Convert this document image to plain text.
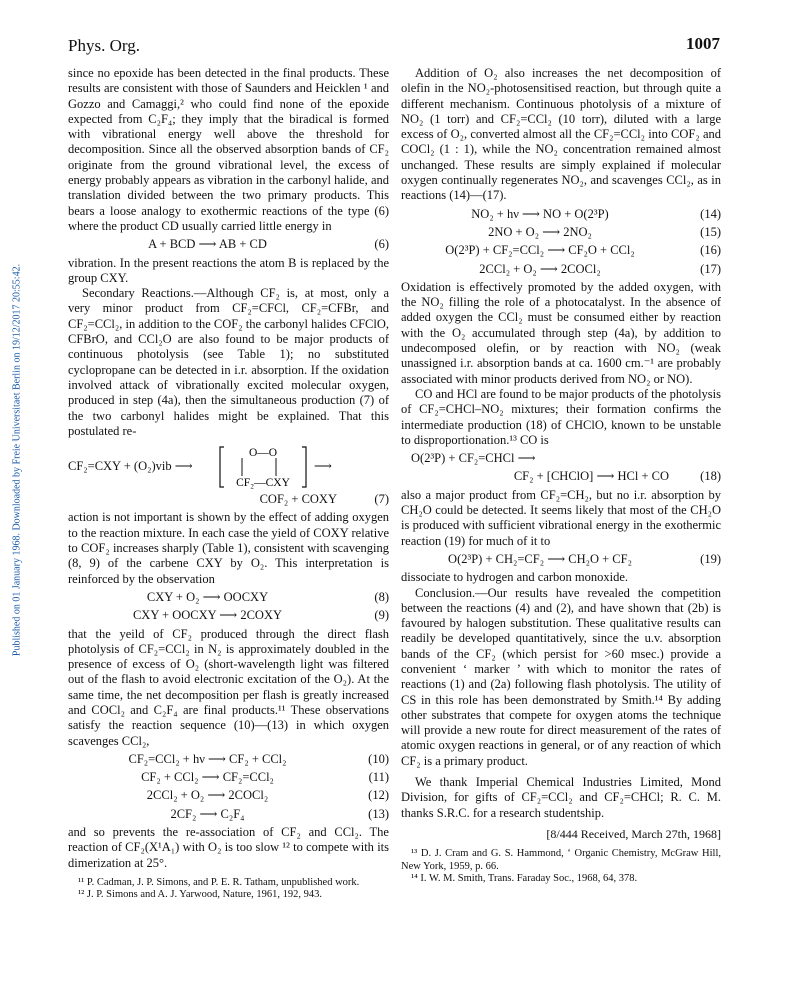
Phys. Org.	1007
Published on 01 January 1968. Downloaded by Freie Universitaet Berlin on 19/12/2017 20:55:42.

since no epoxide has been detected in the final products. These results are consistent with those of Saunders and Heicklen ¹ and Gozzo and Camaggi,² who could find none of the epoxide expected from C₂F₄; they imply that the biradical is formed with vibrational energy well above the threshold for decomposition. Since all the observed absorption bands of CF₂ originate from the ground vibrational level, the excess of energy probably appears as vibration in the carbonyl halide, and translation divided between the two primary products. This bears a loose analogy to exothermic reactions of the type (6) where the product CD usually carried little energy in

A + BCD ⟶ AB + CD	(6)

vibration. In the present reactions the atom B is replaced by the group CXY.

Secondary Reactions.—Although CF₂ is, at most, only a very minor product from CF₂=CFCl, CF₂=CFBr, and CF₂=CCl₂, in addition to the COF₂ the carbonyl halides CFClO, CFBrO, and CCl₂O are also found to be major products of continuous photolysis (see Table 1); no substituted cyclopropane can be detected in i.r. absorption. If the oxidation involved attack of vibrationally excited molecular oxygen, produced in step (4a), then the simultaneous production (7) of the two carbonyl halides might be explained. That this postulated re-

CF₂=CXY + (O₂)vib ⟶
O—O
CF₂—CXY
⟶
COF₂ + COXY	(7)

action is not important is shown by the effect of adding oxygen to the reaction mixture. In each case the yield of COXY relative to COF₂ increases sharply (Table 1), consistent with scavenging (8, 9) of the carbene CXY by O₂. This interpretation is reinforced by the observation

CXY + O₂ ⟶ OOCXY	(8)
CXY + OOCXY ⟶ 2COXY	(9)

that the yeild of CF₂ produced through the direct flash photolysis of CF₂=CCl₂ in N₂ is approximately doubled in the presence of excess of O₂ (short-wavelength light was filtered out of the flash to avoid electronic excitation of the O₂). At the same time, the net decomposition per flash is greatly increased and COCl₂ and C₂F₄ are final products.¹¹ These observations satisfy the reaction sequence (10)—(13) in which oxygen scavenges CCl₂,

CF₂=CCl₂ + hν ⟶ CF₂ + CCl₂	(10)
CF₂ + CCl₂ ⟶ CF₂=CCl₂	(11)
2CCl₂ + O₂ ⟶ 2COCl₂	(12)
2CF₂ ⟶ C₂F₄	(13)

and so prevents the re-association of CF₂ and CCl₂. The reaction of CF₂(X¹A₁) with O₂ is too slow ¹² to compete with its dimerization at 25°.

¹¹ P. Cadman, J. P. Simons, and P. E. R. Tatham, unpublished work.
¹² J. P. Simons and A. J. Yarwood, Nature, 1961, 192, 943.

Addition of O₂ also increases the net decomposition of olefin in the NO₂-photosensitised reaction, but through quite a different mechanism. Continuous photolysis of a mixture of NO₂ (1 torr) and CF₂=CCl₂ (10 torr), diluted with a large excess of O₂, converted almost all the CF₂=CCl₂ into COF₂ and COCl₂ (1 : 1), while the NO₂ concentration remained almost unchanged. These results are simply explained if molecular oxygen continually regenerates NO₂, and scavenges CCl₂, as in reactions (14)—(17).

NO₂ + hν ⟶ NO + O(2³P)	(14)
2NO + O₂ ⟶ 2NO₂	(15)
O(2³P) + CF₂=CCl₂ ⟶ CF₂O + CCl₂	(16)
2CCl₂ + O₂ ⟶ 2COCl₂	(17)

Oxidation is effectively promoted by the added oxygen, with the NO₂ filling the role of a photocatalyst. In the absence of added oxygen the CCl₂ must be consumed either by reaction with the O₂ accumulated through step (4a), by addition to undecomposed olefin, or by reaction with NO₂ (weak unassigned i.r. absorption bands at ca. 1600 cm.⁻¹ are probably associated with minor products derived from NO₂ or NO).

CO and HCl are found to be major products of the photolysis of CF₂=CHCl–NO₂ mixtures; their formation confirms the intermediate production (18) of CHClO, known to be unstable to disproportionation.¹³ CO is

O(2³P) + CF₂=CHCl ⟶
CF₂ + [CHClO] ⟶ HCl + CO	(18)

also a major product from CF₂=CH₂, but no i.r. absorption by CH₂O could be detected. It seems likely that most of the CH₂O is produced with sufficient vibrational energy in the exothermic reaction (19) for much of it to

O(2³P) + CH₂=CF₂ ⟶ CH₂O + CF₂	(19)

dissociate to hydrogen and carbon monoxide.

Conclusion.—Our results have revealed the competition between the reactions (4) and (2), and have shown that (2b) is favoured by halogen substitution. These qualitative results can readily be developed quantitatively, since the u.v. absorption bands of the CF₂ (which persist for >60 msec.) provide a convenient ‘ marker ’ with which to monitor the rates of reactions (1) and (2a) following flash photolysis. The utility of CS in this role has been demonstrated by Smith.¹⁴ By adding other substrates that compete for oxygen atoms the technique will provide a new route for direct measurement of the rates of atomic oxygen reactions in general, or of any reaction of which CF₂ is a primary product.

We thank Imperial Chemical Industries Limited, Mond Division, for gifts of CF₂=CCl₂ and CF₂=CHCl; R. C. M. thanks S.R.C. for a research studentship.

[8/444 Received, March 27th, 1968]
¹³ D. J. Cram and G. S. Hammond, ‘ Organic Chemistry, McGraw Hill, New York, 1959, p. 66.
¹⁴ I. W. M. Smith, Trans. Faraday Soc., 1968, 64, 378.
